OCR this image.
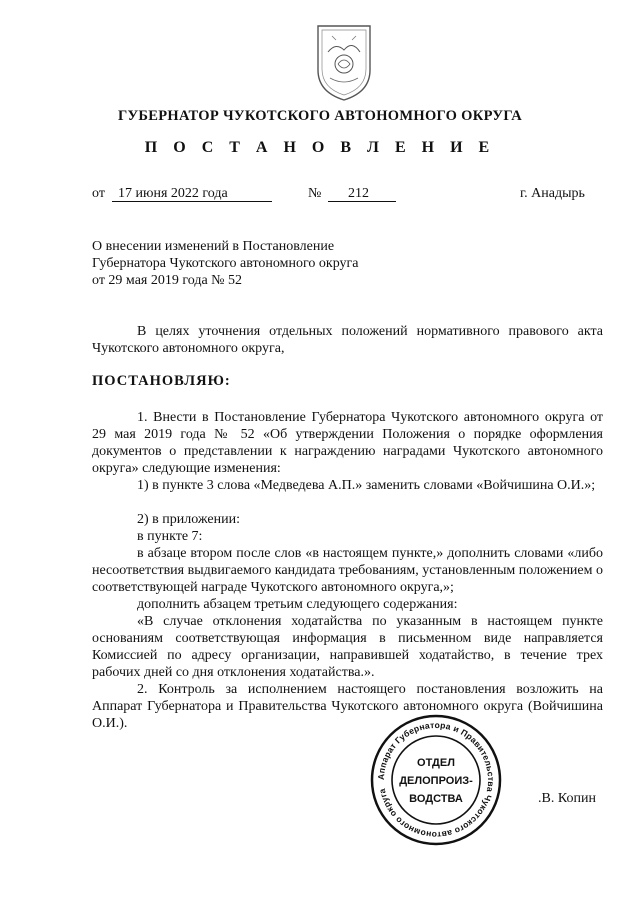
ГУБЕРНАТОР ЧУКОТСКОГО АВТОНОМНОГО ОКРУГА
П О С Т А Н О В Л Е Н И Е
от 17 июня 2022 года	№	212	г. Анадырь
О внесении изменений в Постановление
Губернатора Чукотского автономного округа
от 29 мая 2019 года № 52
В целях уточнения отдельных положений нормативного правового акта Чукотского автономного округа,
ПОСТАНОВЛЯЮ:
1. Внести в Постановление Губернатора Чукотского автономного округа от 29 мая 2019 года № 52 «Об утверждении Положения о порядке оформления документов о представлении к награждению наградами Чукотского автономного округа» следующие изменения:
1) в пункте 3 слова «Медведева А.П.» заменить словами «Войчишина О.И.»;
2) в приложении:
в пункте 7:
в абзаце втором после слов «в настоящем пункте,» дополнить словами «либо несоответствия выдвигаемого кандидата требованиям, установленным положением о соответствующей награде Чукотского автономного округа,»;
дополнить абзацем третьим следующего содержания:
«В случае отклонения ходатайства по указанным в настоящем пункте основаниям соответствующая информация в письменном виде направляется Комиссией по адресу организации, направившей ходатайство, в течение трех рабочих дней со дня отклонения ходатайства.».
2. Контроль за исполнением настоящего постановления возложить на Аппарат Губернатора и Правительства Чукотского автономного округа (Войчишина О.И.).
Аппарат Губернатора и Правительства Чукотского автономного округа
ОТДЕЛ
ДЕЛОПРОИЗ-
ВОДСТВА	.В. Копин
